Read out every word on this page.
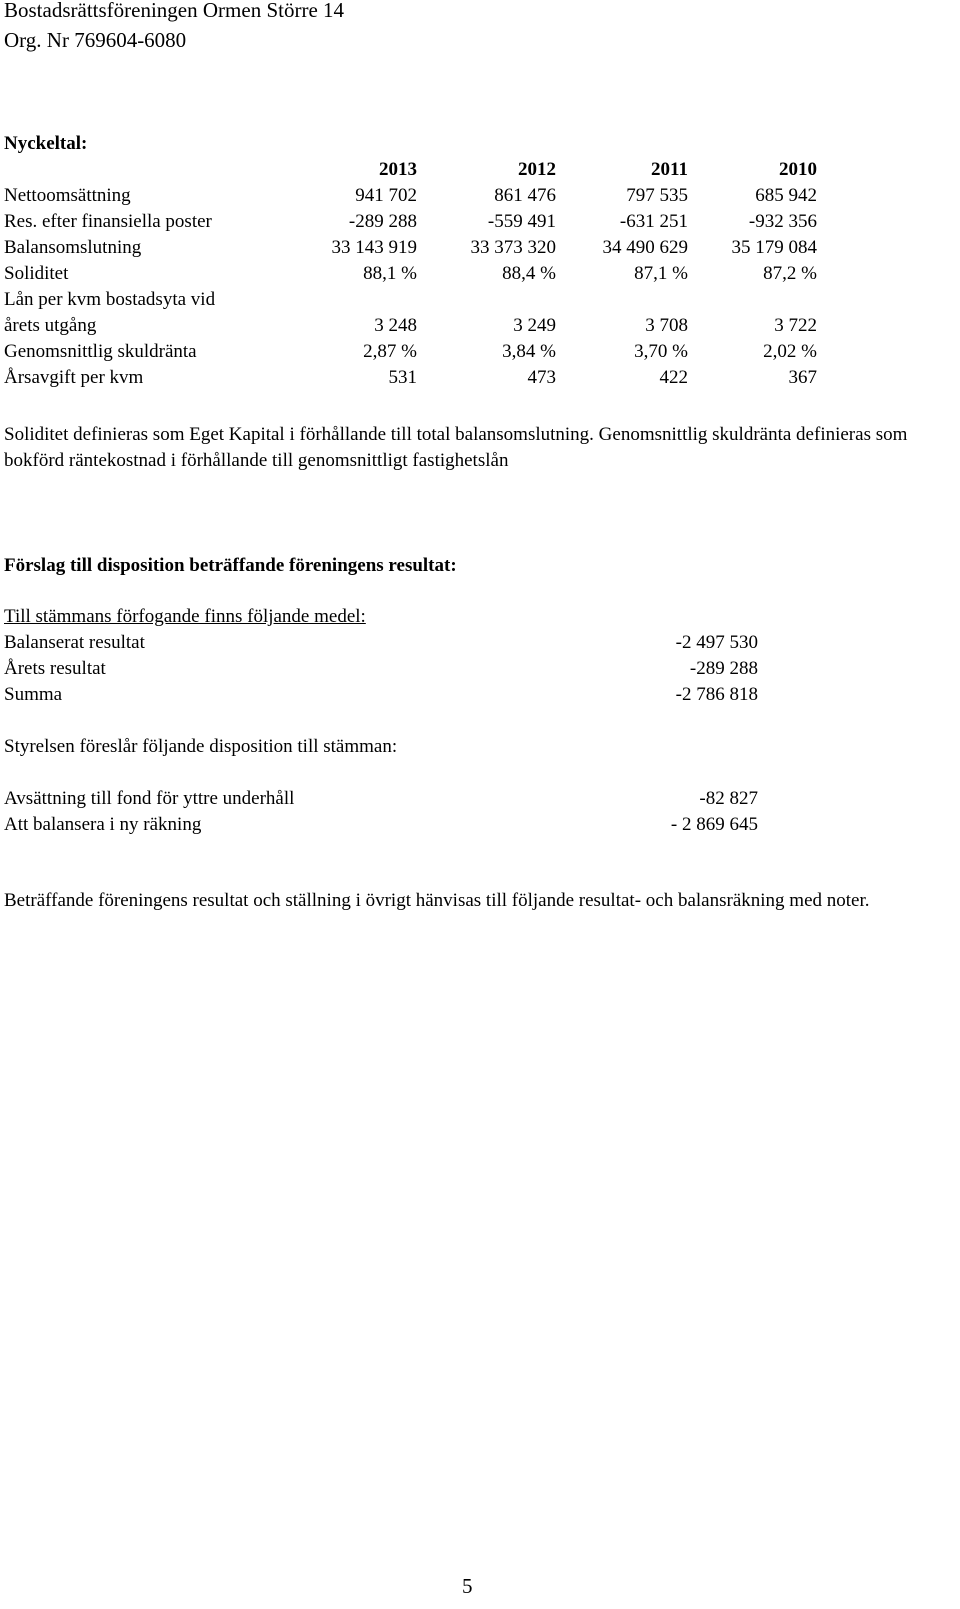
Bostadsrättsföreningen Ormen Större 14
Org. Nr 769604-6080
Nyckeltal:
	2013	2012	2011	2010
Nettoomsättning	941 702	861 476	797 535	685 942
Res. efter finansiella poster	-289 288	-559 491	-631 251	-932 356
Balansomslutning	33 143 919	33 373 320	34 490 629	35 179 084
Soliditet	88,1 %	88,4 %	87,1 %	87,2 %
Lån per kvm bostadsyta vid				
årets utgång	3 248	3 249	3 708	3 722
Genomsnittlig skuldränta	2,87 %	3,84 %	3,70 %	2,02 %
Årsavgift per kvm	531	473	422	367
Soliditet definieras som Eget Kapital i förhållande till total balansomslutning. Genomsnittlig skuldränta definieras som bokförd räntekostnad i förhållande till genomsnittligt fastighetslån
Förslag till disposition beträffande föreningens resultat:
Till stämmans förfogande finns följande medel:
Balanserat resultat	-2 497 530
Årets resultat	-289 288
Summa	-2 786 818
Styrelsen föreslår följande disposition till stämman:
Avsättning till fond för yttre underhåll	-82 827
Att balansera i ny räkning	- 2 869 645
Beträffande föreningens resultat och ställning i övrigt hänvisas till följande resultat- och balansräkning med noter.
5
